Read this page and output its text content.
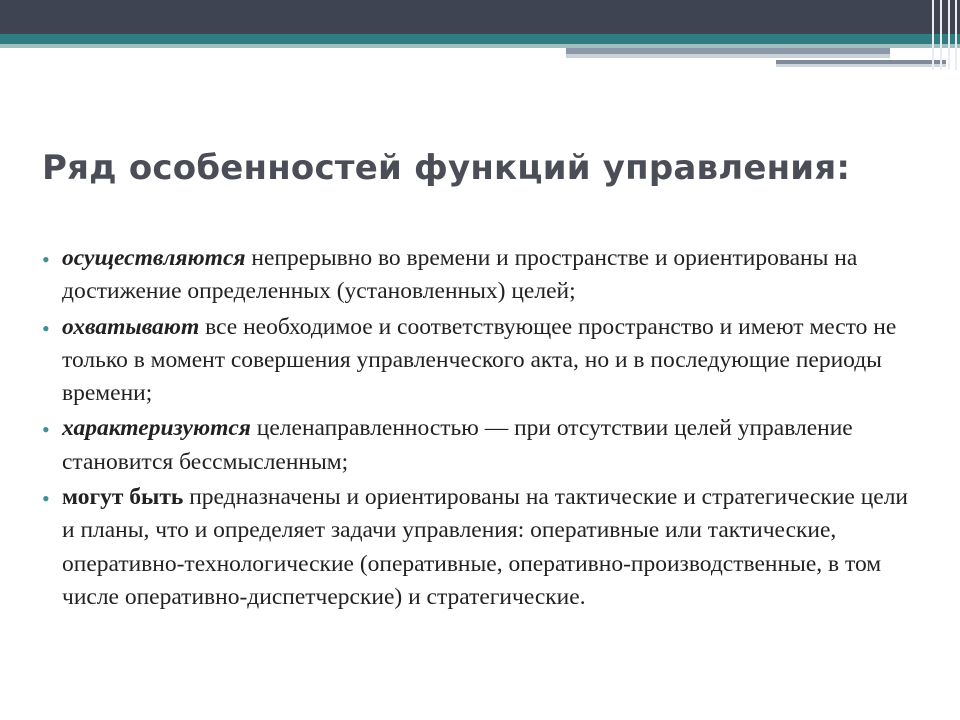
Ряд особенностей функций управления:
• осуществляются непрерывно во времени и пространстве и ориентированы на достижение определенных (установленных) целей;
• охватывают все необходимое и соответствующее пространство и имеют место не только в момент совершения управленческого акта, но и в последующие периоды времени;
• характеризуются целенаправленностью — при отсутствии целей управление становится бессмысленным;
• могут быть предназначены и ориентированы на тактические и стратегические цели и планы, что и определяет задачи управления: оперативные или тактические, оперативно-технологические (оперативные, оперативно-производственные, в том числе оперативно-диспетчерские) и стратегические.
